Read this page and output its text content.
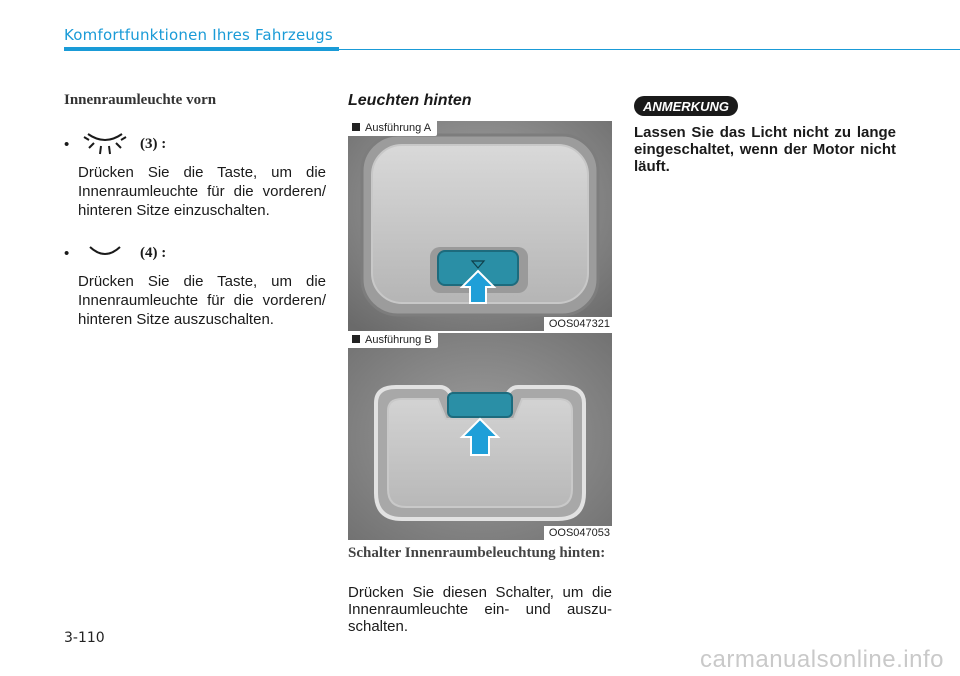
Komfortfunktionen Ihres Fahrzeugs
Innenraumleuchte vorn
•	(3) :
Drücken Sie die Taste, um die Innenraumleuchte für die vorderen/ hinteren Sitze einzuschalten.
•	(4) :
Drücken Sie die Taste, um die Innenraumleuchte für die vorderen/ hinteren Sitze auszuschalten.
Leuchten hinten
Ausführung A
OOS047321
Ausführung B
OOS047053
Schalter Innenraumbeleuchtung hinten:
Drücken Sie diesen Schalter, um die Innenraumleuchte ein- und auszu-schalten.
ANMERKUNG
Lassen Sie das Licht nicht zu lange eingeschaltet, wenn der Motor nicht läuft.
3-110
carmanualsonline.info
